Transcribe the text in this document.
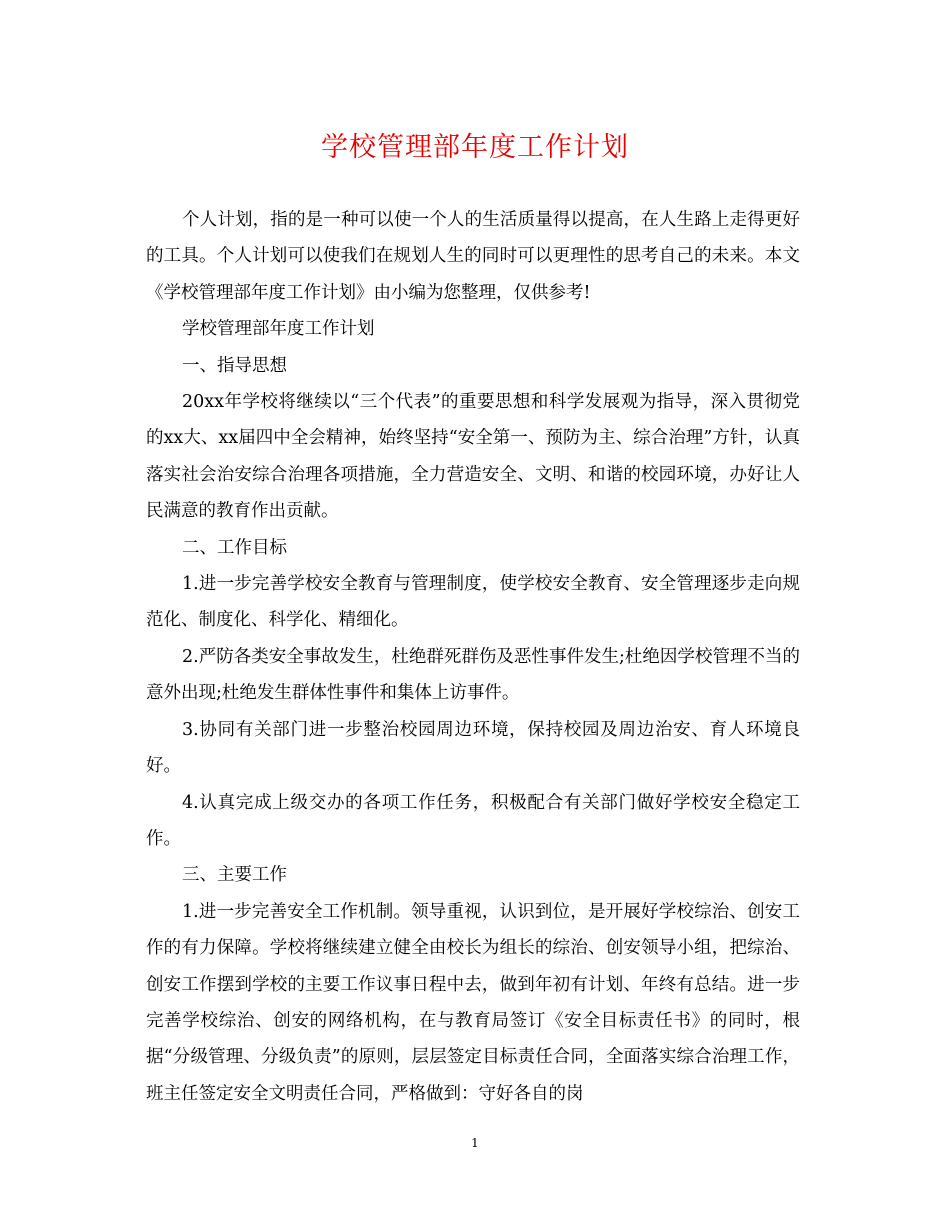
学校管理部年度工作计划

个人计划，指的是一种可以使一个人的生活质量得以提高，在人生路上走得更好的工具。个人计划可以使我们在规划人生的同时可以更理性的思考自己的未来。本文《学校管理部年度工作计划》由小编为您整理，仅供参考!

学校管理部年度工作计划

一、指导思想

20xx年学校将继续以“三个代表”的重要思想和科学发展观为指导，深入贯彻党的xx大、xx届四中全会精神，始终坚持“安全第一、预防为主、综合治理”方针，认真落实社会治安综合治理各项措施，全力营造安全、文明、和谐的校园环境，办好让人民满意的教育作出贡献。

二、工作目标

1.进一步完善学校安全教育与管理制度，使学校安全教育、安全管理逐步走向规范化、制度化、科学化、精细化。

2.严防各类安全事故发生，杜绝群死群伤及恶性事件发生;杜绝因学校管理不当的意外出现;杜绝发生群体性事件和集体上访事件。

3.协同有关部门进一步整治校园周边环境，保持校园及周边治安、育人环境良好。

4.认真完成上级交办的各项工作任务，积极配合有关部门做好学校安全稳定工作。

三、主要工作

1.进一步完善安全工作机制。领导重视，认识到位，是开展好学校综治、创安工作的有力保障。学校将继续建立健全由校长为组长的综治、创安领导小组，把综治、创安工作摆到学校的主要工作议事日程中去，做到年初有计划、年终有总结。进一步完善学校综治、创安的网络机构，在与教育局签订《安全目标责任书》的同时，根据“分级管理、分级负责”的原则，层层签定目标责任合同，全面落实综合治理工作，班主任签定安全文明责任合同，严格做到：守好各自的岗

1
